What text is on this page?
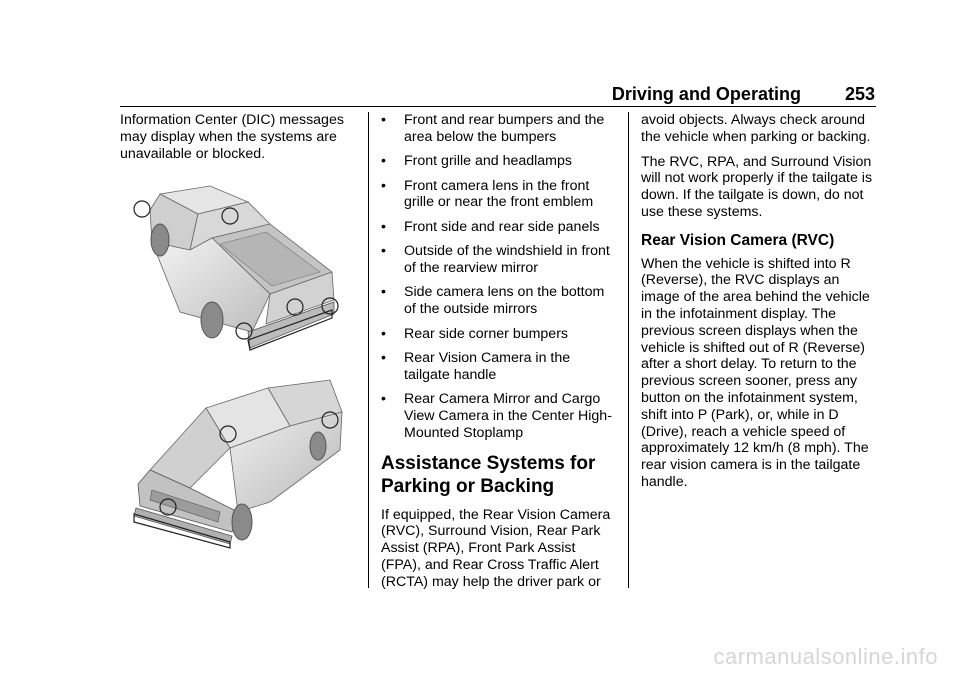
Driving and Operating 253

Information Center (DIC) messages may display when the systems are unavailable or blocked.

• Front and rear bumpers and the area below the bumpers
• Front grille and headlamps
• Front camera lens in the front grille or near the front emblem
• Front side and rear side panels
• Outside of the windshield in front of the rearview mirror
• Side camera lens on the bottom of the outside mirrors
• Rear side corner bumpers
• Rear Vision Camera in the tailgate handle
• Rear Camera Mirror and Cargo View Camera in the Center High-Mounted Stoplamp
Assistance Systems for Parking or Backing

If equipped, the Rear Vision Camera (RVC), Surround Vision, Rear Park Assist (RPA), Front Park Assist (FPA), and Rear Cross Traffic Alert (RCTA) may help the driver park or

avoid objects. Always check around the vehicle when parking or backing.

The RVC, RPA, and Surround Vision will not work properly if the tailgate is down. If the tailgate is down, do not use these systems.

Rear Vision Camera (RVC)

When the vehicle is shifted into R (Reverse), the RVC displays an image of the area behind the vehicle in the infotainment display. The previous screen displays when the vehicle is shifted out of R (Reverse) after a short delay. To return to the previous screen sooner, press any button on the infotainment system, shift into P (Park), or, while in D (Drive), reach a vehicle speed of approximately 12 km/h (8 mph). The rear vision camera is in the tailgate handle.

carmanualsonline.info
